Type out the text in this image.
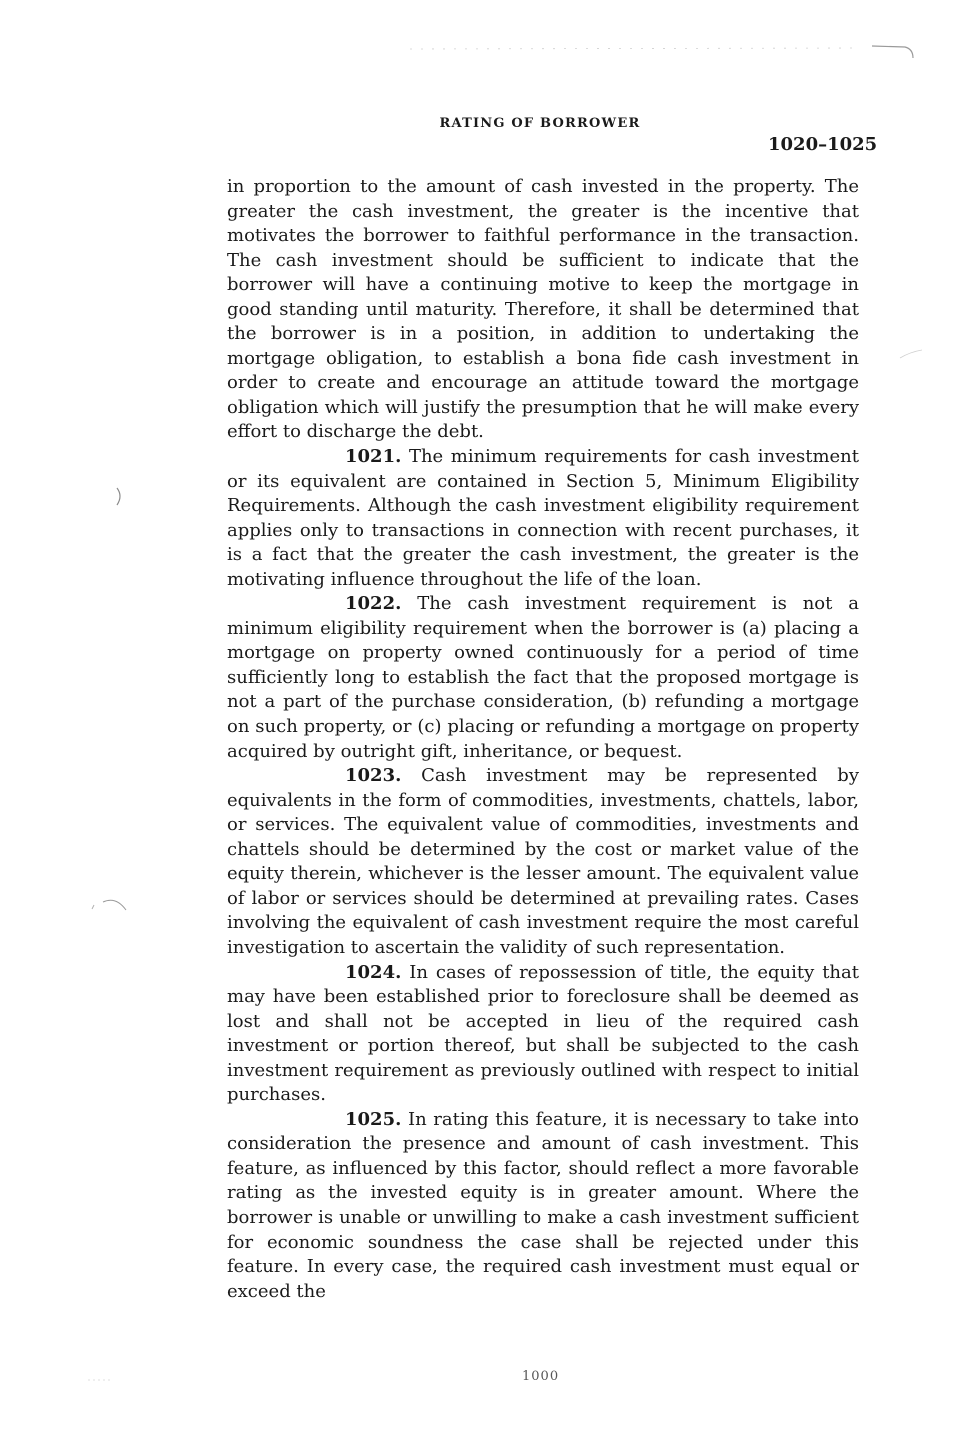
RATING OF BORROWER
1020–1025

in proportion to the amount of cash invested in the property. The greater the cash investment, the greater is the incentive that motivates the borrower to faithful performance in the transaction. The cash investment should be sufficient to indicate that the borrower will have a continuing motive to keep the mortgage in good standing until maturity. Therefore, it shall be determined that the borrower is in a position, in addition to undertaking the mortgage obligation, to establish a bona fide cash investment in order to create and encourage an attitude toward the mortgage obligation which will justify the presumption that he will make every effort to discharge the debt.

1021. The minimum requirements for cash investment or its equivalent are contained in Section 5, Minimum Eligibility Requirements. Although the cash investment eligibility requirement applies only to transactions in connection with recent purchases, it is a fact that the greater the cash investment, the greater is the motivating influence throughout the life of the loan.

1022. The cash investment requirement is not a minimum eligibility requirement when the borrower is (a) placing a mortgage on property owned continuously for a period of time sufficiently long to establish the fact that the proposed mortgage is not a part of the purchase consideration, (b) refunding a mortgage on such property, or (c) placing or refunding a mortgage on property acquired by outright gift, inheritance, or bequest.

1023. Cash investment may be represented by equivalents in the form of commodities, investments, chattels, labor, or services. The equivalent value of commodities, investments and chattels should be determined by the cost or market value of the equity therein, whichever is the lesser amount. The equivalent value of labor or services should be determined at prevailing rates. Cases involving the equivalent of cash investment require the most careful investigation to ascertain the validity of such representation.

1024. In cases of repossession of title, the equity that may have been established prior to foreclosure shall be deemed as lost and shall not be accepted in lieu of the required cash investment or portion thereof, but shall be subjected to the cash investment requirement as previously outlined with respect to initial purchases.

1025. In rating this feature, it is necessary to take into consideration the presence and amount of cash investment. This feature, as influenced by this factor, should reflect a more favorable rating as the invested equity is in greater amount. Where the borrower is unable or unwilling to make a cash investment sufficient for economic soundness the case shall be rejected under this feature. In every case, the required cash investment must equal or exceed the

1000
